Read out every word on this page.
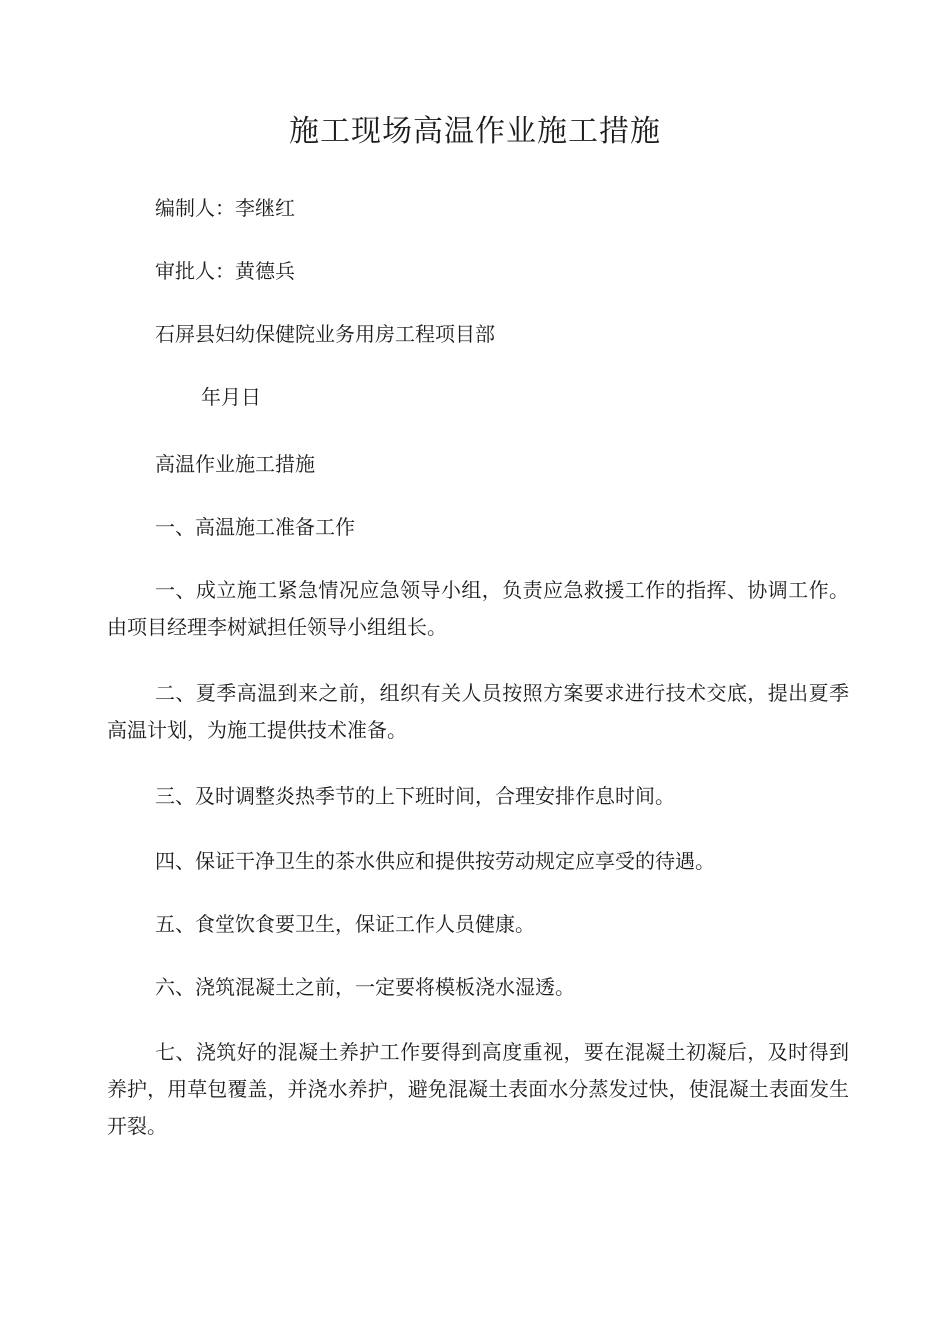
施工现场高温作业施工措施
编制人：李继红
审批人：黄德兵
石屏县妇幼保健院业务用房工程项目部
年月日
高温作业施工措施
一、高温施工准备工作
一、成立施工紧急情况应急领导小组，负责应急救援工作的指挥、协调工作。由项目经理李树斌担任领导小组组长。
二、夏季高温到来之前，组织有关人员按照方案要求进行技术交底，提出夏季高温计划，为施工提供技术准备。
三、及时调整炎热季节的上下班时间，合理安排作息时间。
四、保证干净卫生的茶水供应和提供按劳动规定应享受的待遇。
五、食堂饮食要卫生，保证工作人员健康。
六、浇筑混凝土之前，一定要将模板浇水湿透。
七、浇筑好的混凝土养护工作要得到高度重视，要在混凝土初凝后，及时得到养护，用草包覆盖，并浇水养护，避免混凝土表面水分蒸发过快，使混凝土表面发生开裂。
